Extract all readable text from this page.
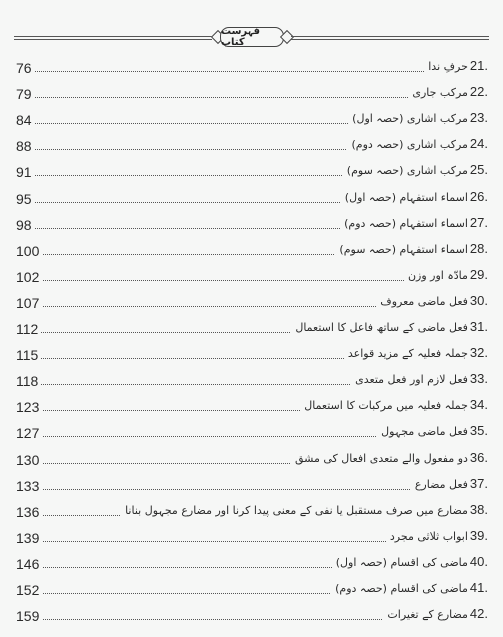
فہرست کتاب
76	حرفِ ندا 21.
79	مرکب جاری 22.
84	مرکب اشاری (حصہ اول) 23.
88	مرکب اشاری (حصہ دوم) 24.
91	مرکب اشاری (حصہ سوم) 25.
95	اسماء استفہام (حصہ اول) 26.
98	اسماء استفہام (حصہ دوم) 27.
100	اسماء استفہام (حصہ سوم) 28.
102	مادّہ اور وزن 29.
107	فعل ماضی معروف 30.
112	فعل ماضی کے ساتھ فاعل کا استعمال 31.
115	جملہ فعلیہ کے مزید قواعد 32.
118	فعل لازم اور فعل متعدی 33.
123	جملہ فعلیہ میں مرکبات کا استعمال 34.
127	فعل ماضی مجہول 35.
130	دو مفعول والے متعدی افعال کی مشق 36.
133	فعل مضارع 37.
136	مضارع میں صرف مستقبل یا نفی کے معنی پیدا کرنا اور مضارع مجہول بنانا 38.
139	ابواب ثلاثی مجرد 39.
146	ماضی کی اقسام (حصہ اول) 40.
152	ماضی کی اقسام (حصہ دوم) 41.
159	مضارع کے تغیرات 42.
